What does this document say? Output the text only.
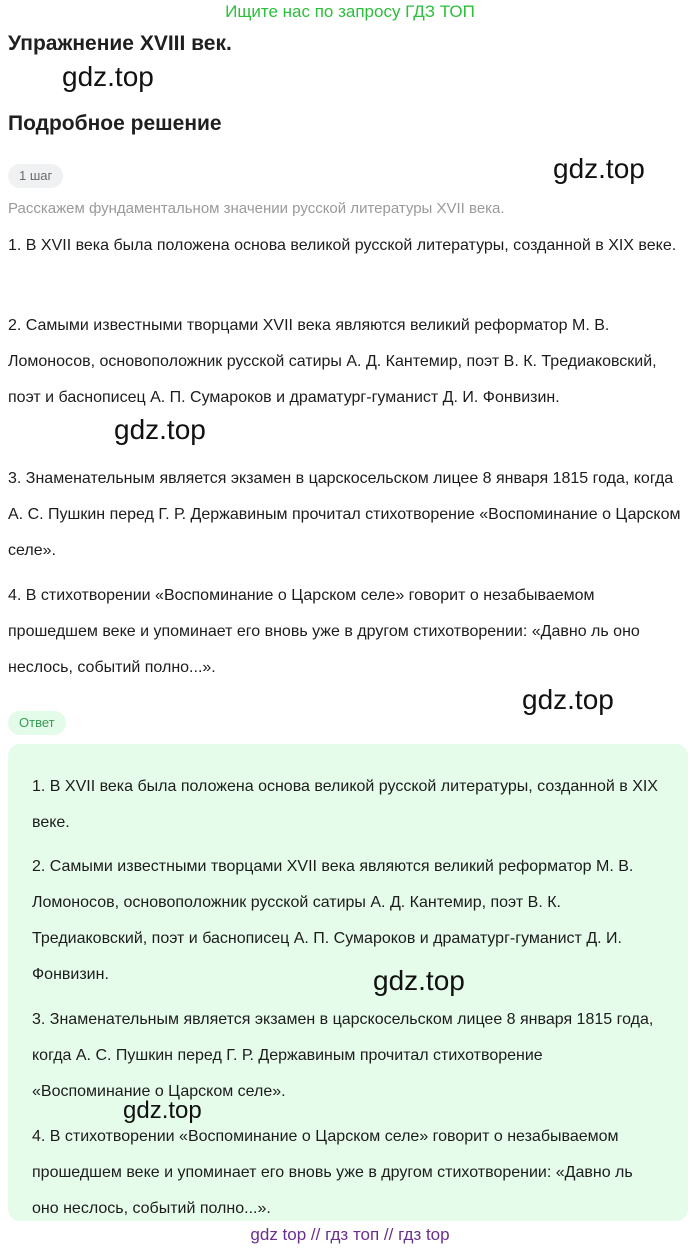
Ищите нас по запросу ГДЗ ТОП
Упражнение XVIII век.
gdz.top
Подробное решение
1 шаг	gdz.top
Расскажем фундаментальном значении русской литературы XVII века.
1. В XVII века была положена основа великой русской литературы, созданной в XIX веке.
2. Самыми известными творцами XVII века являются великий реформатор М. В. Ломоносов, основоположник русской сатиры А. Д. Кантемир, поэт В. К. Тредиаковский, поэт и баснописец А. П. Сумароков и драматург-гуманист Д. И. Фонвизин.
gdz.top
3. Знаменательным является экзамен в царскосельском лицее 8 января 1815 года, когда А. С. Пушкин перед Г. Р. Державиным прочитал стихотворение «Воспоминание о Царском селе».
4. В стихотворении «Воспоминание о Царском селе» говорит о незабываемом прошедшем веке и упоминает его вновь уже в другом стихотворении: «Давно ль оно неслось, событий полно...».
gdz.top
Ответ
1. В XVII века была положена основа великой русской литературы, созданной в XIX веке.
2. Самыми известными творцами XVII века являются великий реформатор М. В. Ломоносов, основоположник русской сатиры А. Д. Кантемир, поэт В. К. Тредиаковский, поэт и баснописец А. П. Сумароков и драматург-гуманист Д. И. Фонвизин.	gdz.top
3. Знаменательным является экзамен в царскосельском лицее 8 января 1815 года, когда А. С. Пушкин перед Г. Р. Державиным прочитал стихотворение «Воспоминание о Царском селе».
gdz.top
4. В стихотворении «Воспоминание о Царском селе» говорит о незабываемом прошедшем веке и упоминает его вновь уже в другом стихотворении: «Давно ль оно неслось, событий полно...».
gdz top // гдз топ // гдз top
